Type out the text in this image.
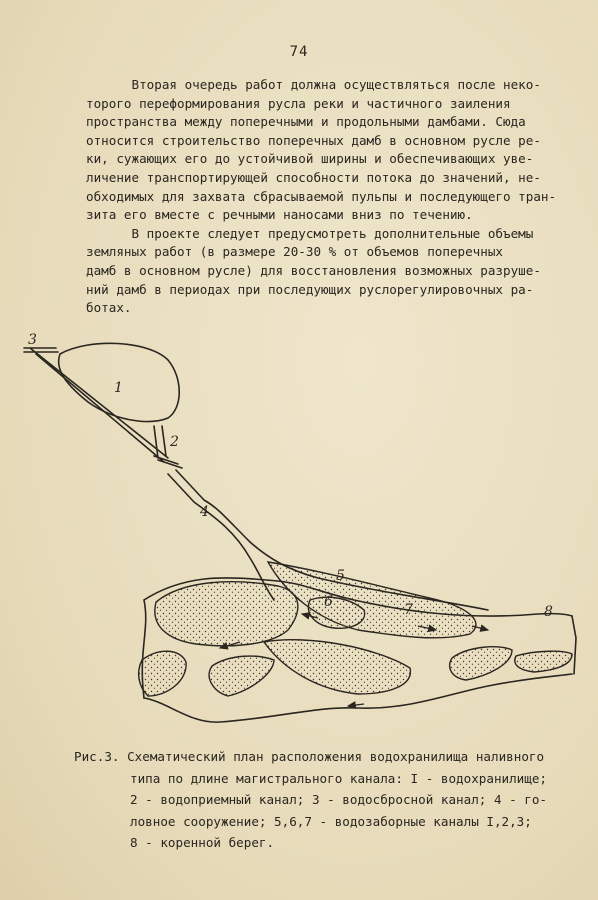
74

Вторая очередь работ должна осуществляться после неко-
торого переформирования русла реки и частичного заиления
пространства между поперечными и продольными дамбами. Сюда
относится строительство поперечных дамб в основном русле ре-
ки, сужающих его до устойчивой ширины и обеспечивающих уве-
личение транспортирующей способности потока до значений, не-
обходимых для захвата сбрасываемой пульпы и последующего тран-
зита его вместе с речными наносами вниз по течению.

В проекте следует предусмотреть дополнительные объемы
земляных работ (в размере 20-30 % от объемов поперечных
дамб в основном русле) для восстановления возможных разруше-
ний дамб в периодах при последующих руслорегулировочных ра-
ботах.

3
1
2
4
5
6	7	8
Рис.3. Схематический план расположения водохранилища наливного
типа по длине магистрального канала: I - водохранилище;
2 - водоприемный канал; 3 - водосбросной канал; 4 - го-
ловное сооружение; 5,6,7 - водозаборные каналы I,2,3;
8 - коренной берег.
